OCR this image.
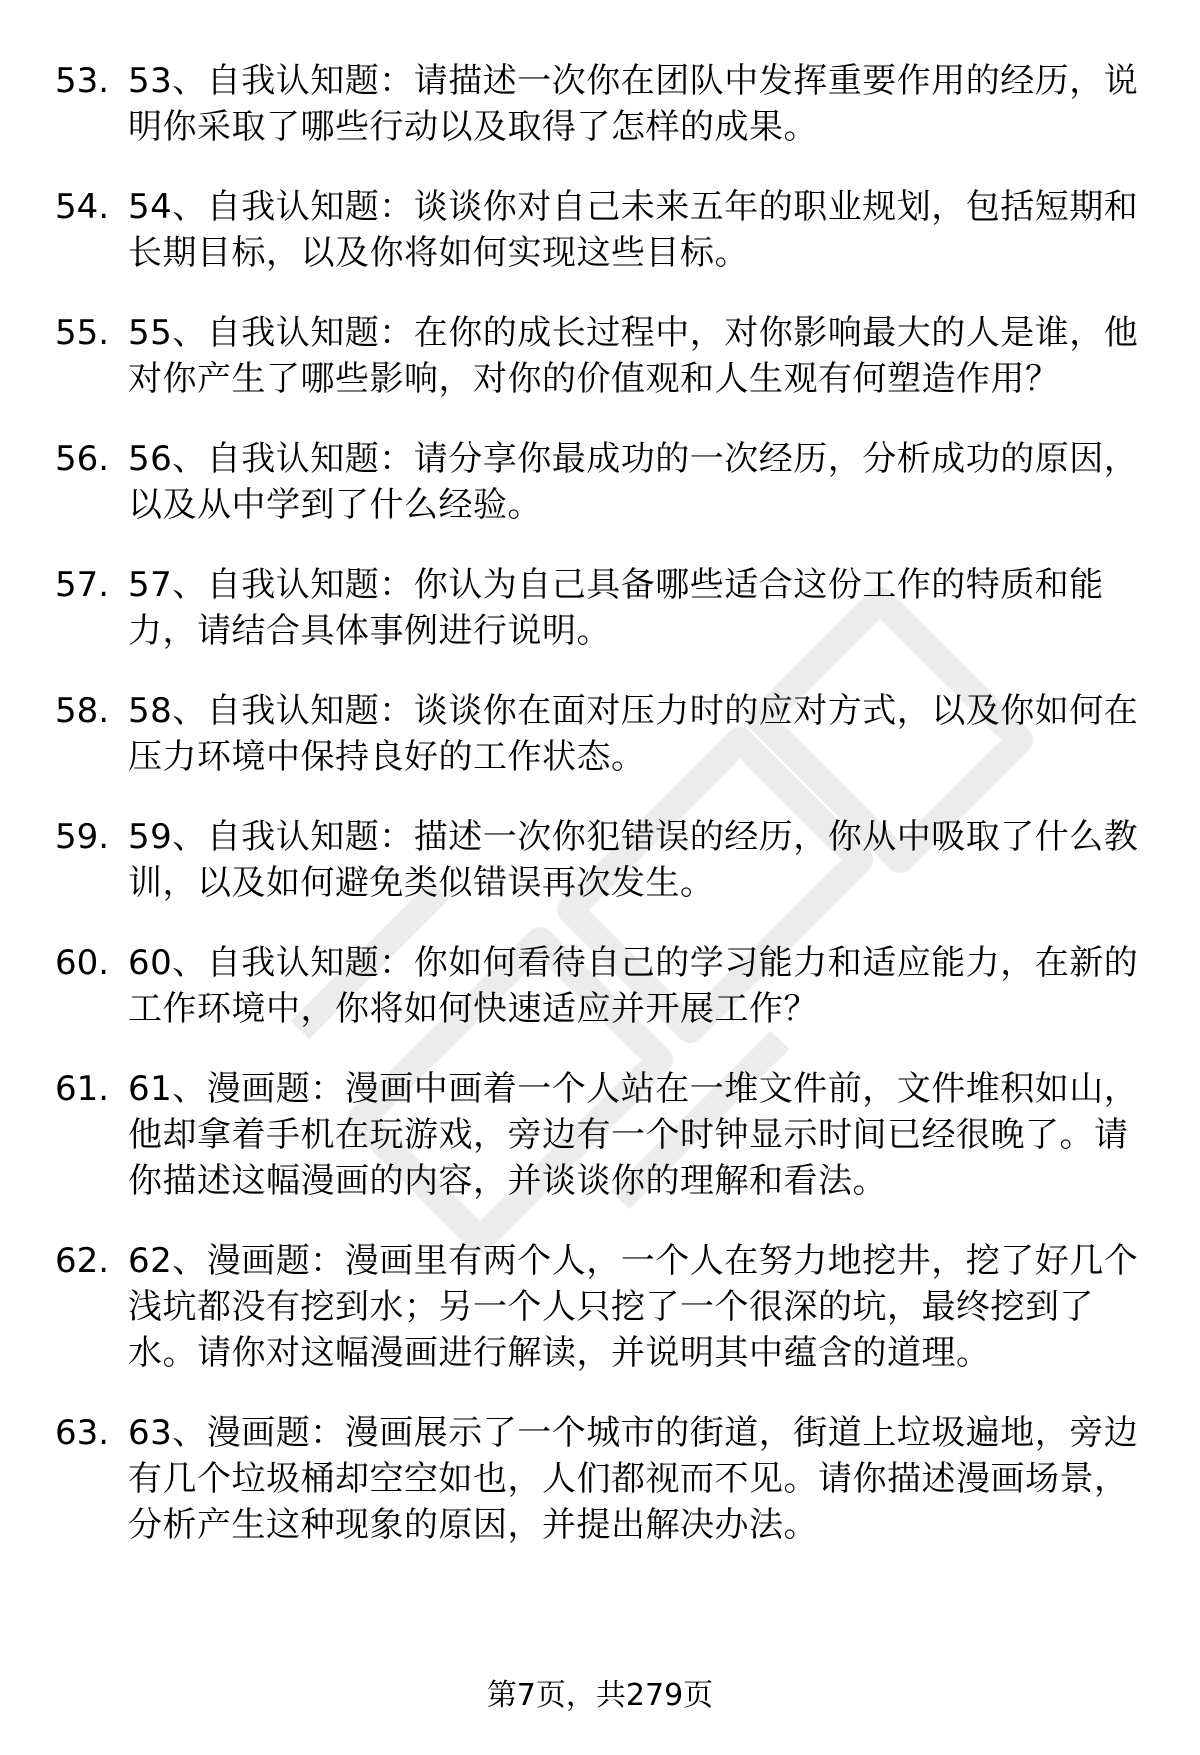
53. 53、自我认知题：请描述一次你在团队中发挥重要作用的经历，说明你采取了哪些行动以及取得了怎样的成果。
54. 54、自我认知题：谈谈你对自己未来五年的职业规划，包括短期和长期目标，以及你将如何实现这些目标。
55. 55、自我认知题：在你的成长过程中，对你影响最大的人是谁，他对你产生了哪些影响，对你的价值观和人生观有何塑造作用？
56. 56、自我认知题：请分享你最成功的一次经历，分析成功的原因，以及从中学到了什么经验。
57. 57、自我认知题：你认为自己具备哪些适合这份工作的特质和能力，请结合具体事例进行说明。
58. 58、自我认知题：谈谈你在面对压力时的应对方式，以及你如何在压力环境中保持良好的工作状态。
59. 59、自我认知题：描述一次你犯错误的经历，你从中吸取了什么教训，以及如何避免类似错误再次发生。
60. 60、自我认知题：你如何看待自己的学习能力和适应能力，在新的工作环境中，你将如何快速适应并开展工作？
61. 61、漫画题：漫画中画着一个人站在一堆文件前，文件堆积如山，他却拿着手机在玩游戏，旁边有一个时钟显示时间已经很晚了。请你描述这幅漫画的内容，并谈谈你的理解和看法。
62. 62、漫画题：漫画里有两个人，一个人在努力地挖井，挖了好几个浅坑都没有挖到水；另一个人只挖了一个很深的坑，最终挖到了水。请你对这幅漫画进行解读，并说明其中蕴含的道理。
63. 63、漫画题：漫画展示了一个城市的街道，街道上垃圾遍地，旁边有几个垃圾桶却空空如也，人们都视而不见。请你描述漫画场景，分析产生这种现象的原因，并提出解决办法。
第7页，共279页
